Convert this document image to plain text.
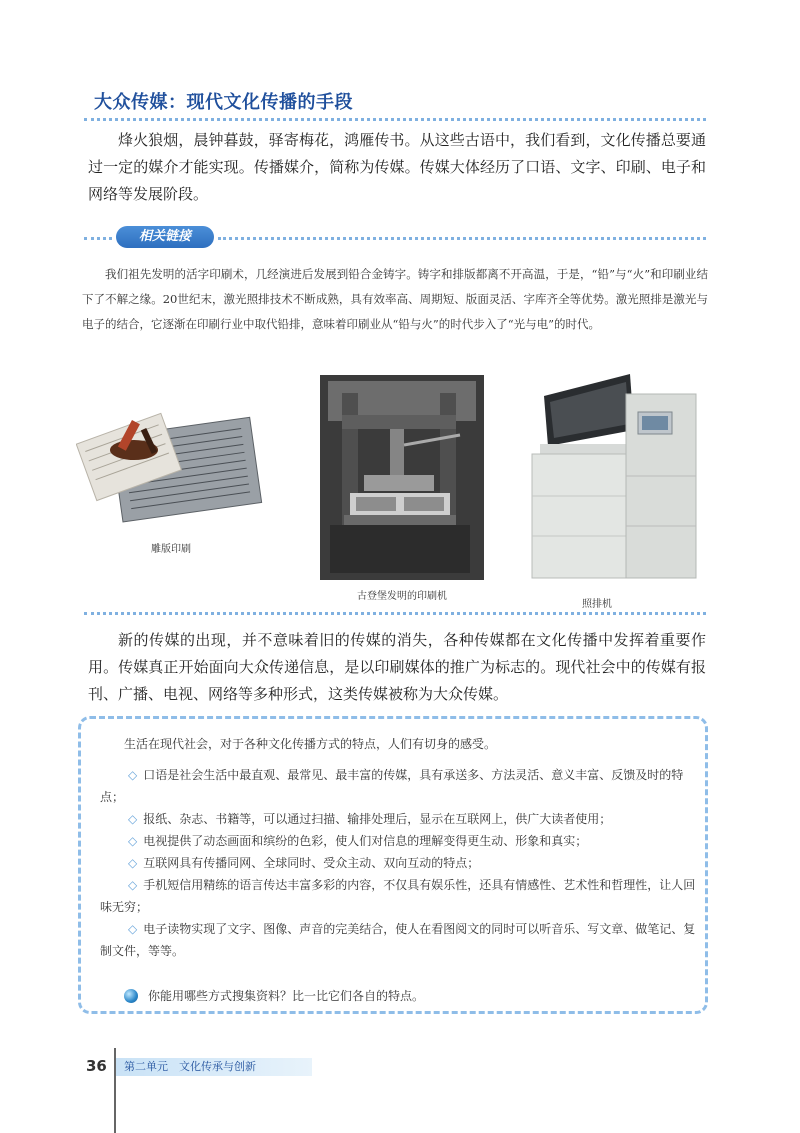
大众传媒：现代文化传播的手段
烽火狼烟，晨钟暮鼓，驿寄梅花，鸿雁传书。从这些古语中，我们看到，文化传播总要通过一定的媒介才能实现。传播媒介，简称为传媒。传媒大体经历了口语、文字、印刷、电子和网络等发展阶段。
相关链接
我们祖先发明的活字印刷术，几经演进后发展到铅合金铸字。铸字和排版都离不开高温，于是，“铅”与“火”和印刷业结下了不解之缘。20世纪末，激光照排技术不断成熟，具有效率高、周期短、版面灵活、字库齐全等优势。激光照排是激光与电子的结合，它逐渐在印刷行业中取代铅排，意味着印刷业从“铅与火”的时代步入了“光与电”的时代。
雕版印刷
古登堡发明的印刷机
照排机
新的传媒的出现，并不意味着旧的传媒的消失，各种传媒都在文化传播中发挥着重要作用。传媒真正开始面向大众传递信息，是以印刷媒体的推广为标志的。现代社会中的传媒有报刊、广播、电视、网络等多种形式，这类传媒被称为大众传媒。
生活在现代社会，对于各种文化传播方式的特点，人们有切身的感受。
◇ 口语是社会生活中最直观、最常见、最丰富的传媒，具有承送多、方法灵活、意义丰富、反馈及时的特点；
◇ 报纸、杂志、书籍等，可以通过扫描、输排处理后，显示在互联网上，供广大读者使用；
◇ 电视提供了动态画面和缤纷的色彩，使人们对信息的理解变得更生动、形象和真实；
◇ 互联网具有传播同网、全球同时、受众主动、双向互动的特点；
◇ 手机短信用精练的语言传达丰富多彩的内容，不仅具有娱乐性，还具有情感性、艺术性和哲理性，让人回味无穷；
◇ 电子读物实现了文字、图像、声音的完美结合，使人在看图阅文的同时可以听音乐、写文章、做笔记、复制文件，等等。
你能用哪些方式搜集资料？比一比它们各自的特点。
36	第二单元　文化传承与创新
